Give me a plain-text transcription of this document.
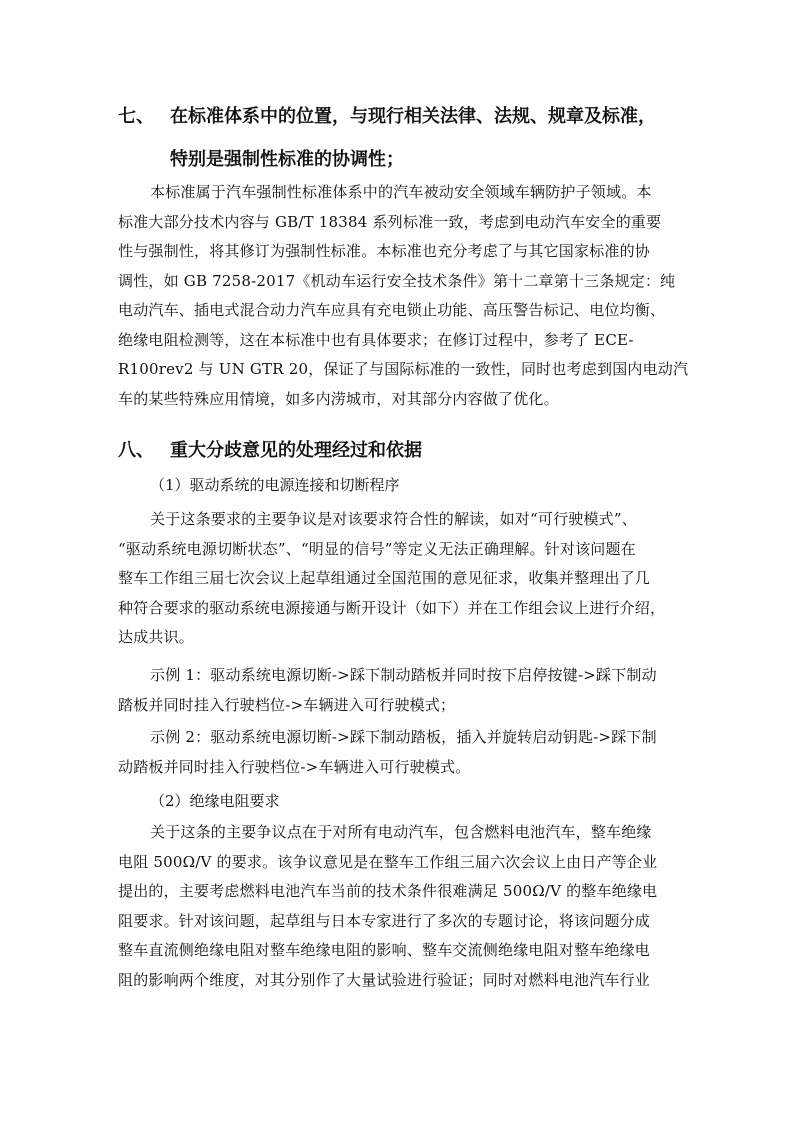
七、 在标准体系中的位置，与现行相关法律、法规、规章及标准，
特别是强制性标准的协调性；
本标准属于汽车强制性标准体系中的汽车被动安全领域车辆防护子领域。本
标准大部分技术内容与 GB/T 18384 系列标准一致，考虑到电动汽车安全的重要
性与强制性，将其修订为强制性标准。本标准也充分考虑了与其它国家标准的协
调性，如 GB 7258-2017《机动车运行安全技术条件》第十二章第十三条规定：纯
电动汽车、插电式混合动力汽车应具有充电锁止功能、高压警告标记、电位均衡、
绝缘电阻检测等，这在本标准中也有具体要求；在修订过程中，参考了 ECE-
R100rev2 与 UN GTR 20，保证了与国际标准的一致性，同时也考虑到国内电动汽
车的某些特殊应用情境，如多内涝城市，对其部分内容做了优化。
八、 重大分歧意见的处理经过和依据
（1）驱动系统的电源连接和切断程序
关于这条要求的主要争议是对该要求符合性的解读，如对“可行驶模式”、
“驱动系统电源切断状态”、“明显的信号”等定义无法正确理解。针对该问题在
整车工作组三届七次会议上起草组通过全国范围的意见征求，收集并整理出了几
种符合要求的驱动系统电源接通与断开设计（如下）并在工作组会议上进行介绍，
达成共识。
示例 1：驱动系统电源切断->踩下制动踏板并同时按下启停按键->踩下制动
踏板并同时挂入行驶档位->车辆进入可行驶模式；
示例 2：驱动系统电源切断->踩下制动踏板，插入并旋转启动钥匙->踩下制
动踏板并同时挂入行驶档位->车辆进入可行驶模式。
（2）绝缘电阻要求
关于这条的主要争议点在于对所有电动汽车，包含燃料电池汽车，整车绝缘
电阻 500Ω/V 的要求。该争议意见是在整车工作组三届六次会议上由日产等企业
提出的，主要考虑燃料电池汽车当前的技术条件很难满足 500Ω/V 的整车绝缘电
阻要求。针对该问题，起草组与日本专家进行了多次的专题讨论，将该问题分成
整车直流侧绝缘电阻对整车绝缘电阻的影响、整车交流侧绝缘电阻对整车绝缘电
阻的影响两个维度，对其分别作了大量试验进行验证；同时对燃料电池汽车行业
